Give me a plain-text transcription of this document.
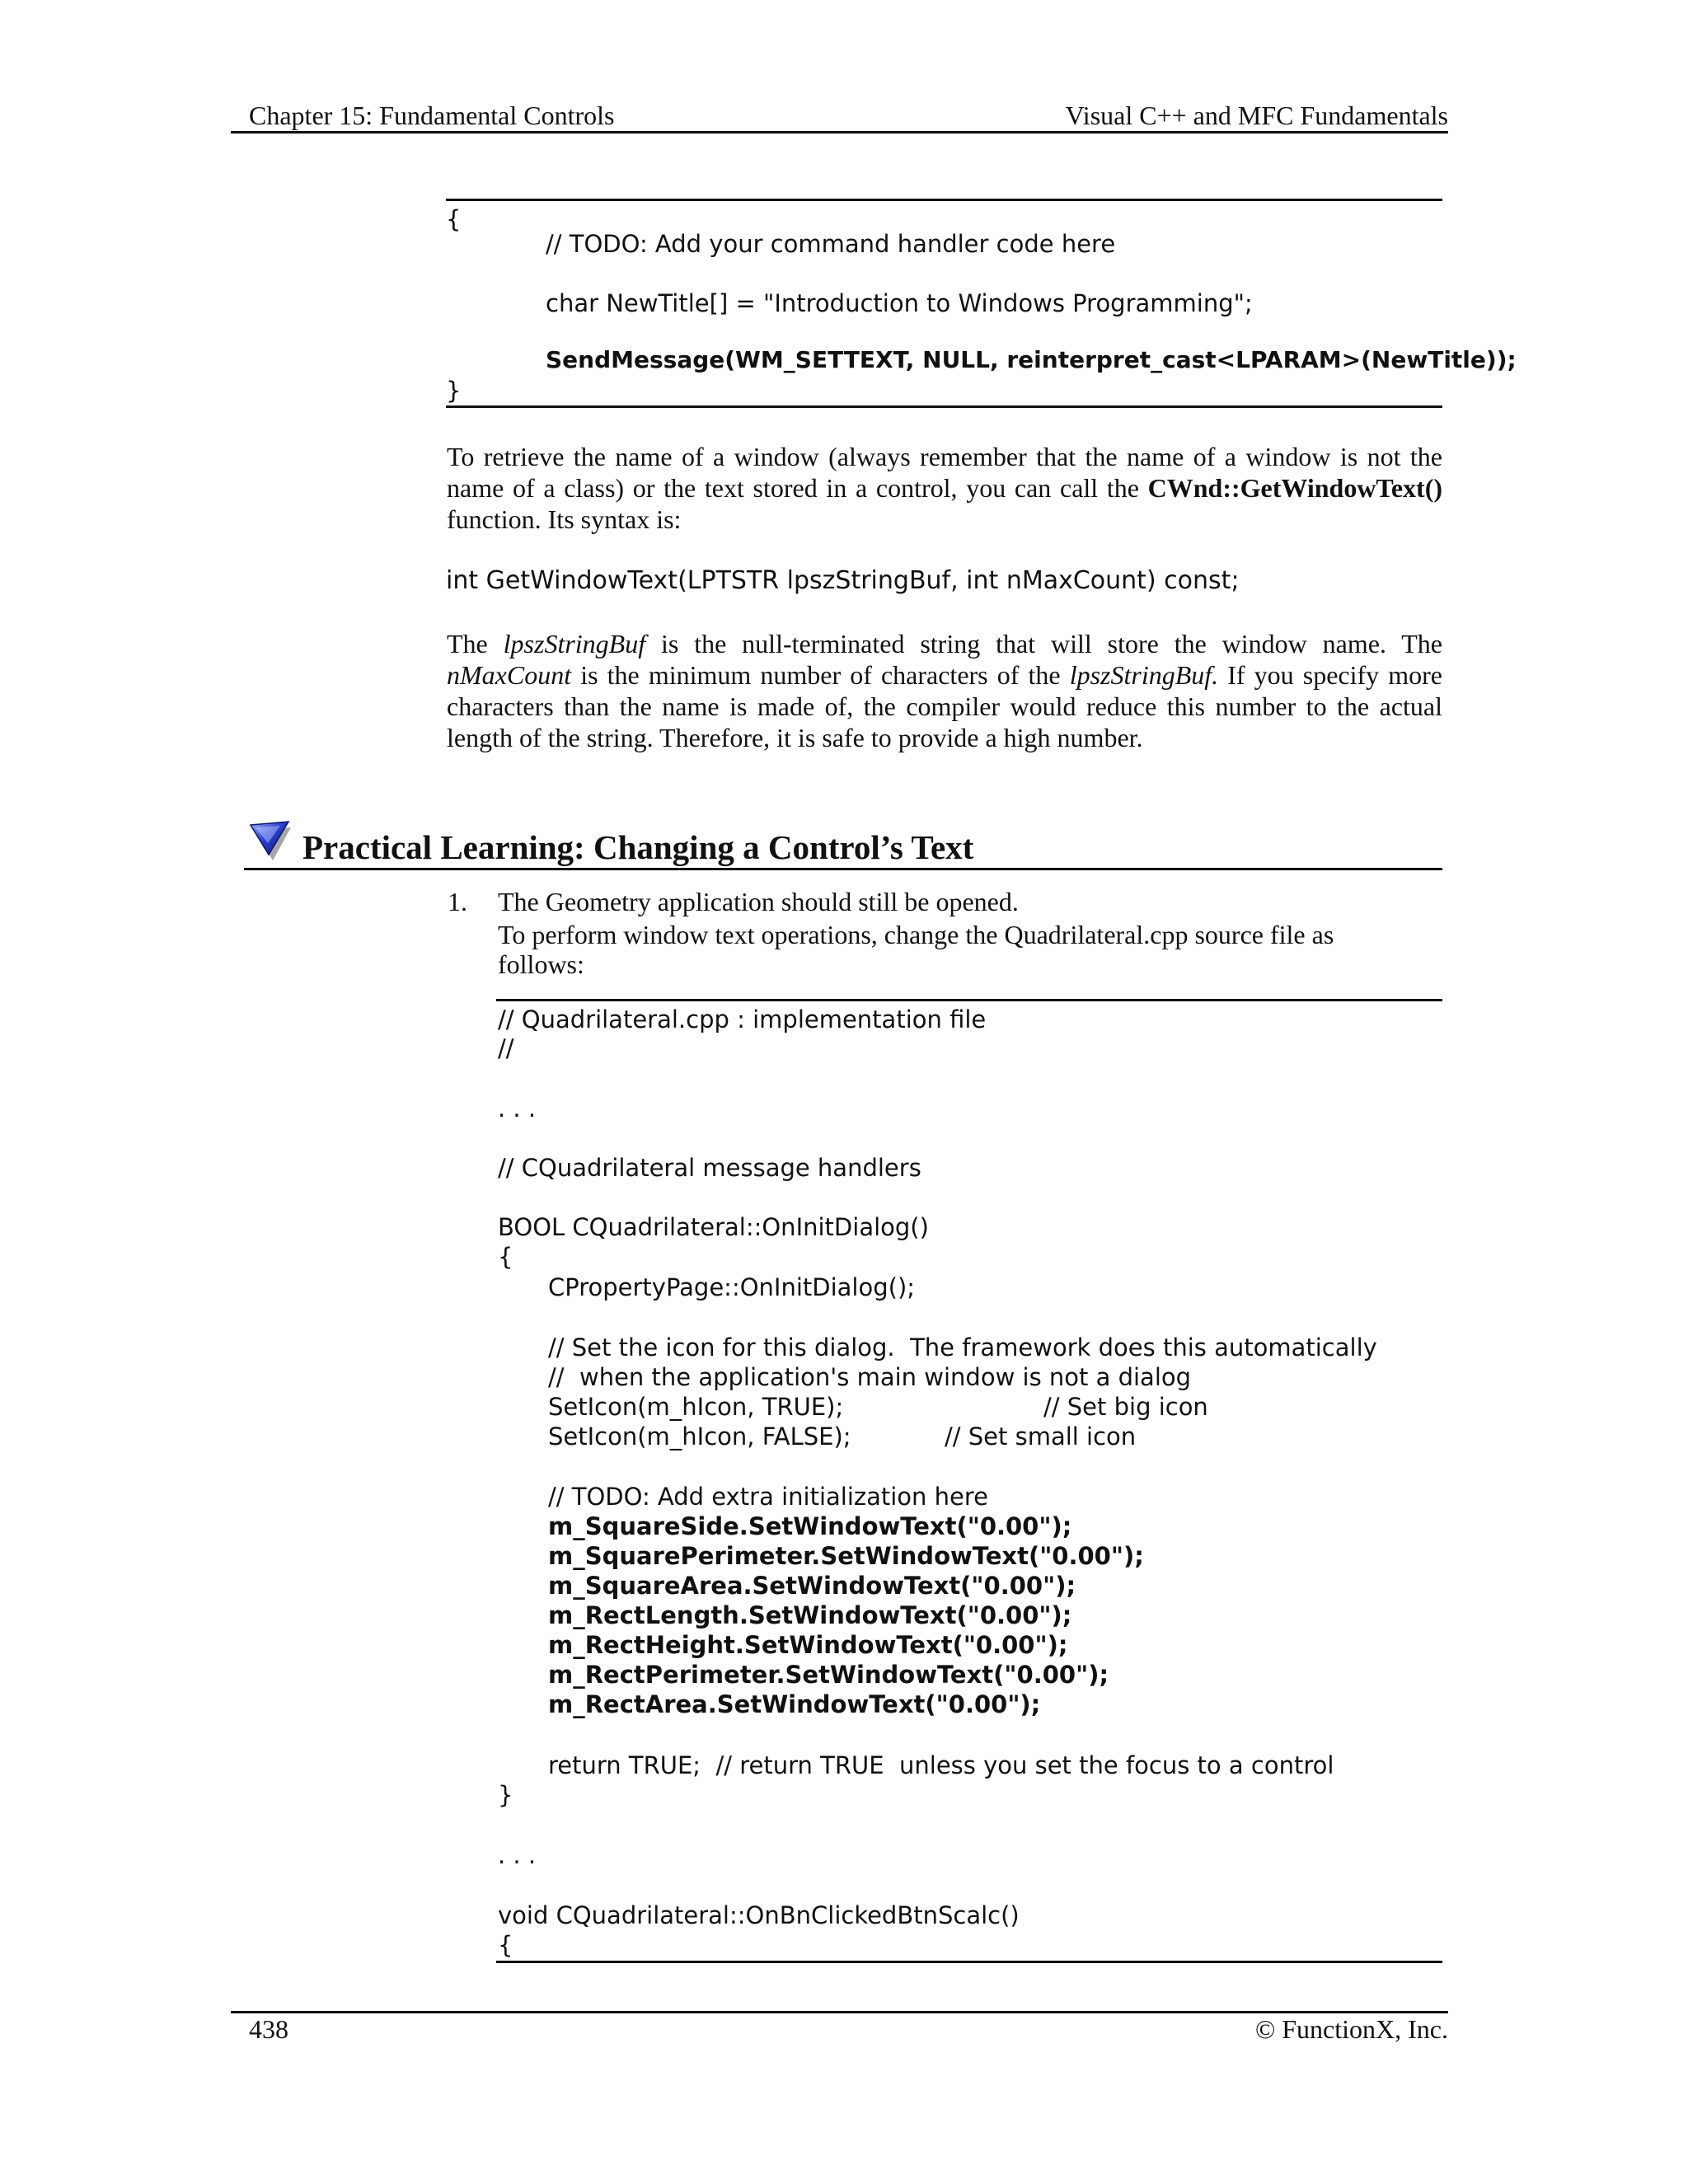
Chapter 15: Fundamental Controls	Visual C++ and MFC Fundamentals
{
// TODO: Add your command handler code here
char NewTitle[] = "Introduction to Windows Programming";
SendMessage(WM_SETTEXT, NULL, reinterpret_cast<LPARAM>(NewTitle));
}
To retrieve the name of a window (always remember that the name of a window is not the name of a class) or the text stored in a control, you can call the CWnd::GetWindowText() function. Its syntax is:
int GetWindowText(LPTSTR lpszStringBuf, int nMaxCount) const;
The lpszStringBuf is the null-terminated string that will store the window name. The nMaxCount is the minimum number of characters of the lpszStringBuf. If you specify more characters than the name is made of, the compiler would reduce this number to the actual length of the string. Therefore, it is safe to provide a high number.
Practical Learning: Changing a Control’s Text
1. The Geometry application should still be opened.
To perform window text operations, change the Quadrilateral.cpp source file as
follows:
// Quadrilateral.cpp : implementation file
//
. . .
// CQuadrilateral message handlers
BOOL CQuadrilateral::OnInitDialog()
{
CPropertyPage::OnInitDialog();
// Set the icon for this dialog.  The framework does this automatically
//  when the application's main window is not a dialog
SetIcon(m_hIcon, TRUE);	// Set big icon
SetIcon(m_hIcon, FALSE);	// Set small icon
// TODO: Add extra initialization here
m_SquareSide.SetWindowText("0.00");
m_SquarePerimeter.SetWindowText("0.00");
m_SquareArea.SetWindowText("0.00");
m_RectLength.SetWindowText("0.00");
m_RectHeight.SetWindowText("0.00");
m_RectPerimeter.SetWindowText("0.00");
m_RectArea.SetWindowText("0.00");
return TRUE;  // return TRUE  unless you set the focus to a control
}
. . .
void CQuadrilateral::OnBnClickedBtnScalc()
{
438	© FunctionX, Inc.
